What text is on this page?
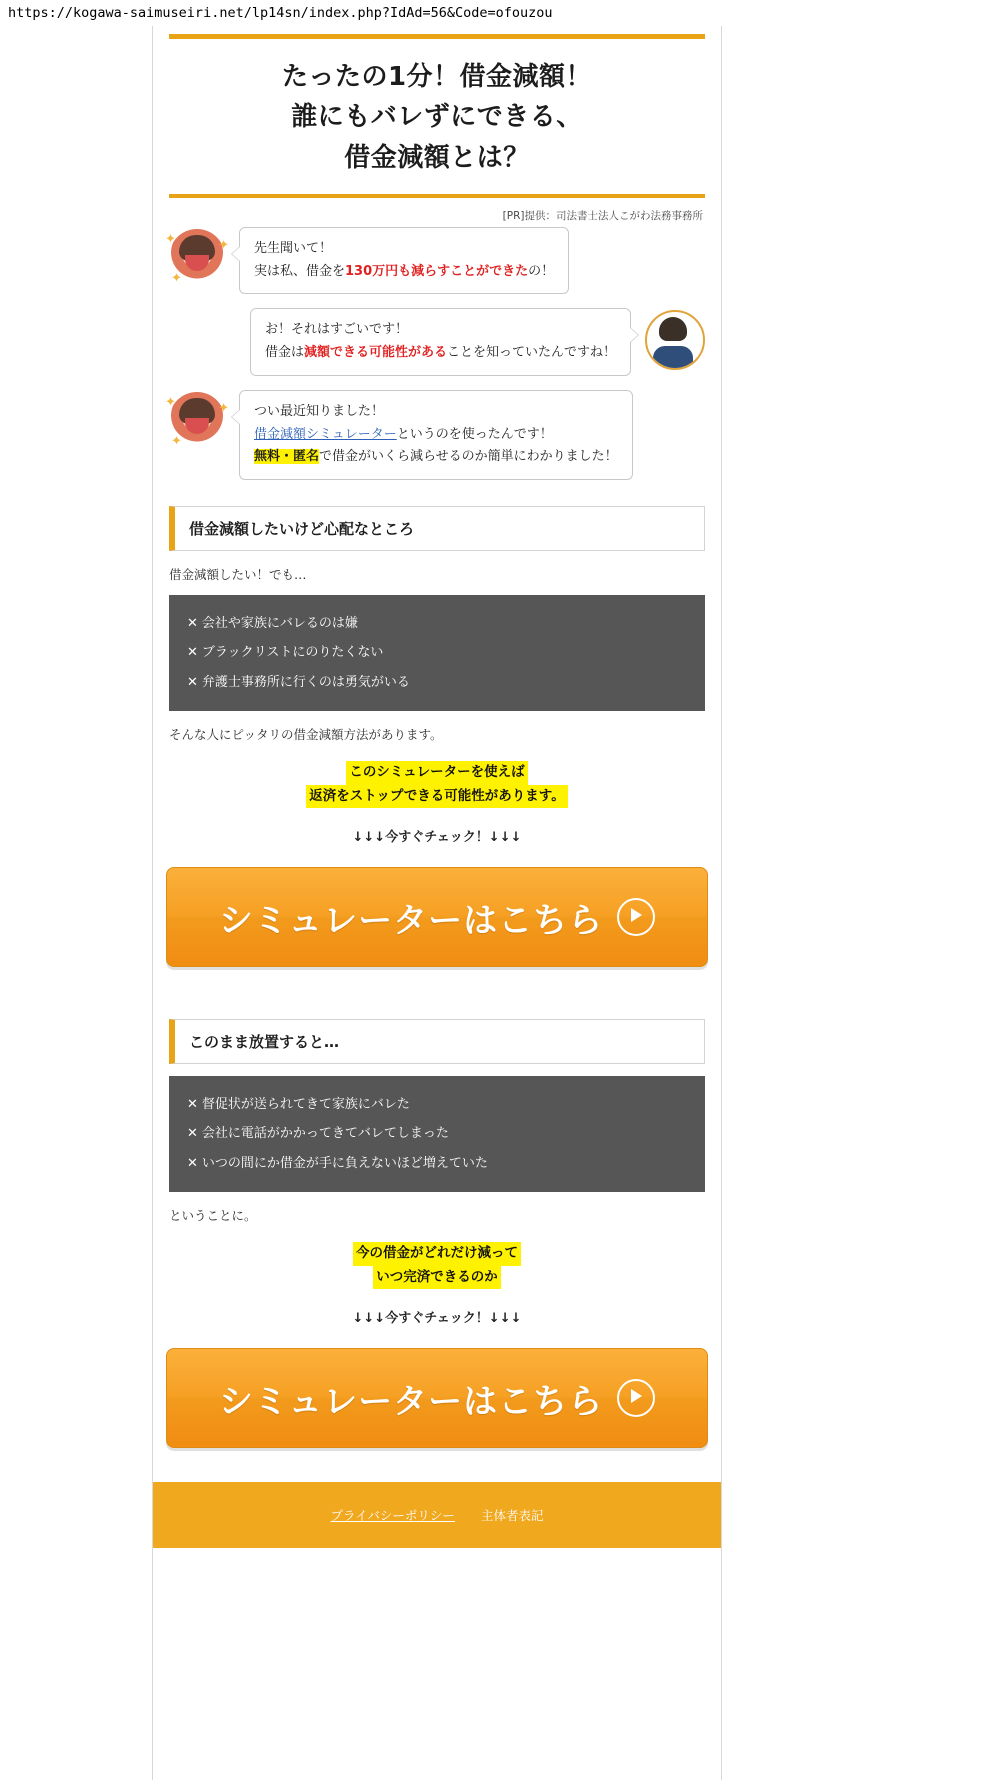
https://kogawa-saimuseiri.net/lp14sn/index.php?IdAd=56&Code=ofouzou
たったの1分！借金減額！
誰にもバレずにできる、
借金減額とは？
[PR]提供：司法書士法人こがわ法務事務所
✦	✦
✦
先生聞いて！
実は私、借金を130万円も減らすことができたの！
お！それはすごいです！
借金は減額できる可能性があることを知っていたんですね！
✦	✦
✦
つい最近知りました！
借金減額シミュレーターというのを使ったんです！
無料・匿名で借金がいくら減らせるのか簡単にわかりました！
借金減額したいけど心配なところ
借金減額したい！でも…
✕ 会社や家族にバレるのは嫌
✕ ブラックリストにのりたくない
✕ 弁護士事務所に行くのは勇気がいる
そんな人にピッタリの借金減額方法があります。
このシミュレーターを使えば
返済をストップできる可能性があります。
↓↓↓今すぐチェック！↓↓↓
シミュレーターはこちら
このまま放置すると…
✕ 督促状が送られてきて家族にバレた
✕ 会社に電話がかかってきてバレてしまった
✕ いつの間にか借金が手に負えないほど増えていた
ということに。
今の借金がどれだけ減って
いつ完済できるのか
↓↓↓今すぐチェック！↓↓↓
シミュレーターはこちら
プライバシーポリシー 主体者表記
